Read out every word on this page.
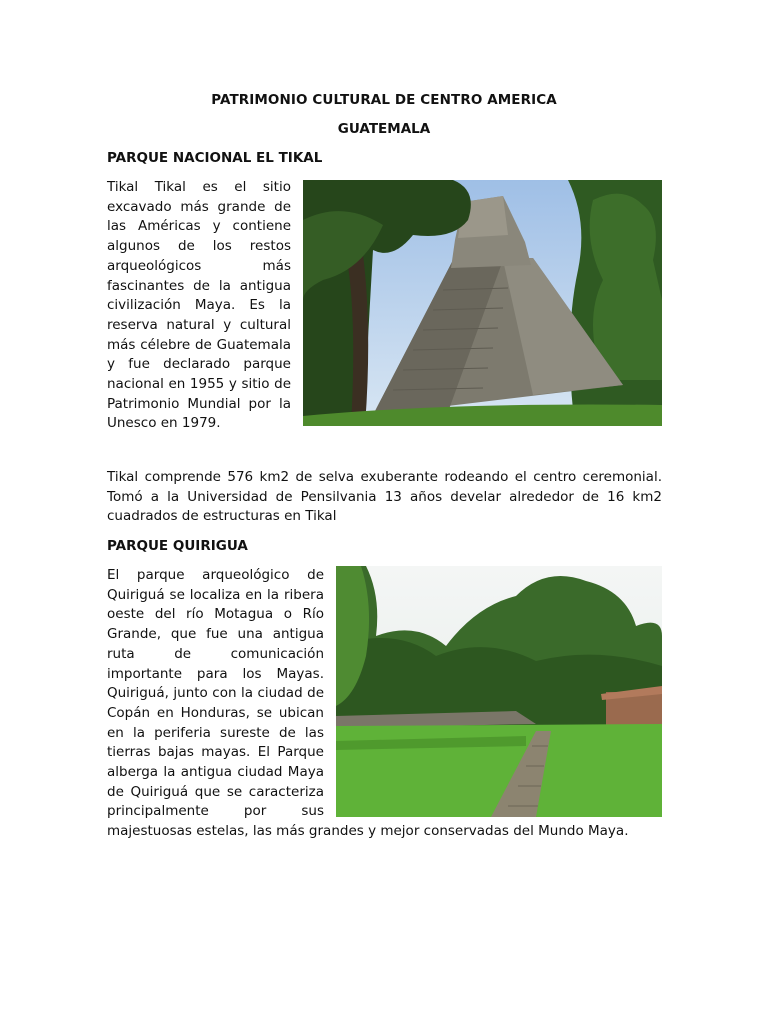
PATRIMONIO CULTURAL DE CENTRO AMERICA
GUATEMALA
PARQUE NACIONAL EL TIKAL
Tikal Tikal es el sitio excavado más grande de las Américas y contiene algunos de los restos arqueológicos más fascinantes de la antigua civilización Maya. Es la reserva natural y cultural más célebre de Guatemala y fue declarado parque nacional en 1955 y sitio de Patrimonio Mundial por la Unesco en 1979.
Tikal comprende 576 km2 de selva exuberante rodeando el centro ceremonial. Tomó a la Universidad de Pensilvania 13 años develar alrededor de 16 km2 cuadrados de estructuras en Tikal
PARQUE QUIRIGUA
El parque arqueológico de Quiriguá se localiza en la ribera oeste del río Motagua o Río Grande, que fue una antigua ruta de comunicación importante para los Mayas. Quiriguá, junto con la ciudad de Copán en Honduras, se ubican en la periferia sureste de las tierras bajas mayas. El Parque alberga la antigua ciudad Maya de Quiriguá que se caracteriza principalmente por sus majestuosas estelas, las más grandes y mejor conservadas del Mundo Maya.
